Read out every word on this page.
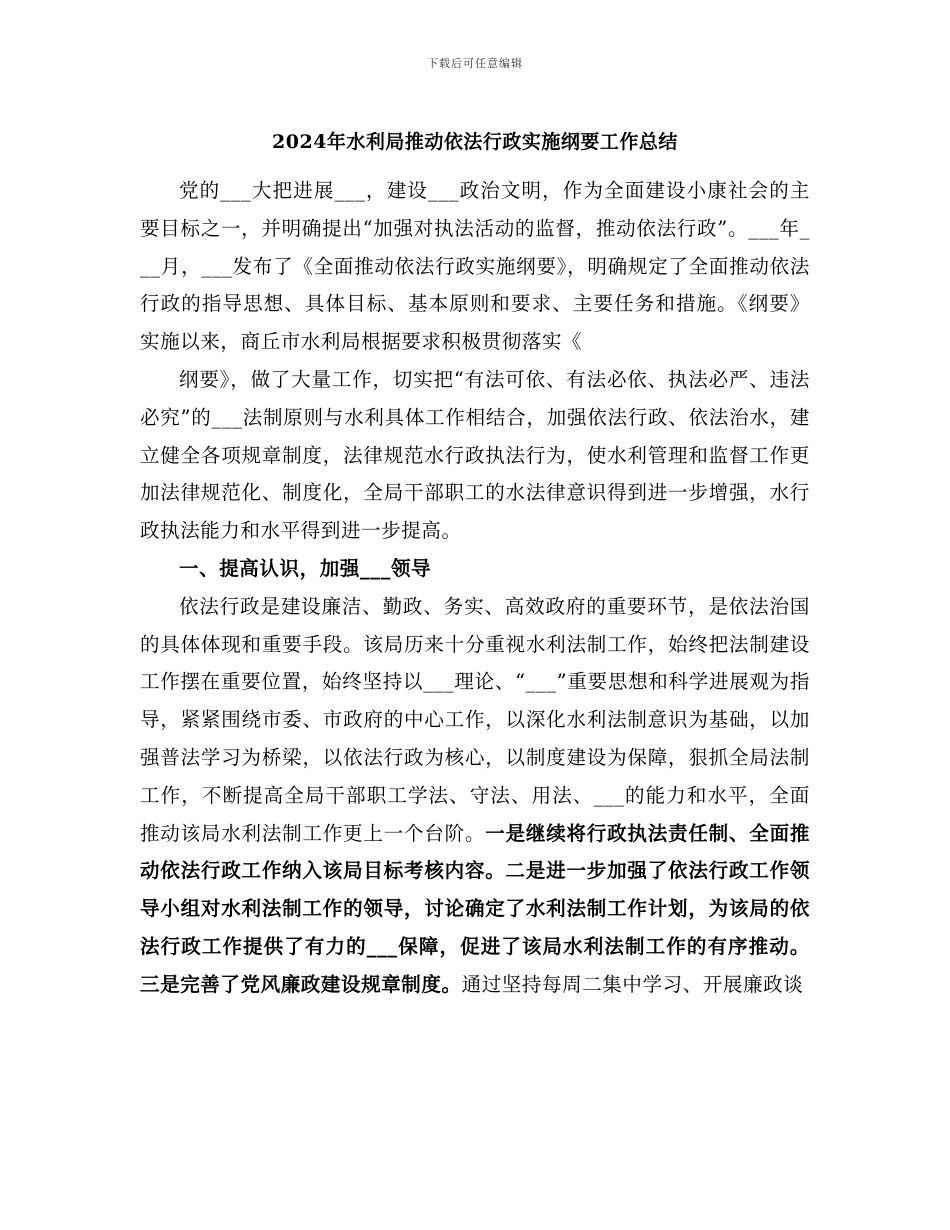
下载后可任意编辑
2024年水利局推动依法行政实施纲要工作总结

党的___大把进展___，建设___政治文明，作为全面建设小康社会的主要目标之一，并明确提出“加强对执法活动的监督，推动依法行政”。___年___月，___发布了《全面推动依法行政实施纲要》，明确规定了全面推动依法行政的指导思想、具体目标、基本原则和要求、主要任务和措施。《纲要》实施以来，商丘市水利局根据要求积极贯彻落实《

纲要》，做了大量工作，切实把“有法可依、有法必依、执法必严、违法必究”的___法制原则与水利具体工作相结合，加强依法行政、依法治水，建立健全各项规章制度，法律规范水行政执法行为，使水利管理和监督工作更加法律规范化、制度化，全局干部职工的水法律意识得到进一步增强，水行政执法能力和水平得到进一步提高。

一、提高认识，加强___领导

依法行政是建设廉洁、勤政、务实、高效政府的重要环节，是依法治国的具体体现和重要手段。该局历来十分重视水利法制工作，始终把法制建设工作摆在重要位置，始终坚持以___理论、“___”重要思想和科学进展观为指导，紧紧围绕市委、市政府的中心工作，以深化水利法制意识为基础，以加强普法学习为桥梁，以依法行政为核心，以制度建设为保障，狠抓全局法制工作，不断提高全局干部职工学法、守法、用法、___的能力和水平，全面推动该局水利法制工作更上一个台阶。一是继续将行政执法责任制、全面推动依法行政工作纳入该局目标考核内容。二是进一步加强了依法行政工作领导小组对水利法制工作的领导，讨论确定了水利法制工作计划，为该局的依法行政工作提供了有力的___保障，促进了该局水利法制工作的有序推动。三是完善了党风廉政建设规章制度。通过坚持每周二集中学习、开展廉政谈
